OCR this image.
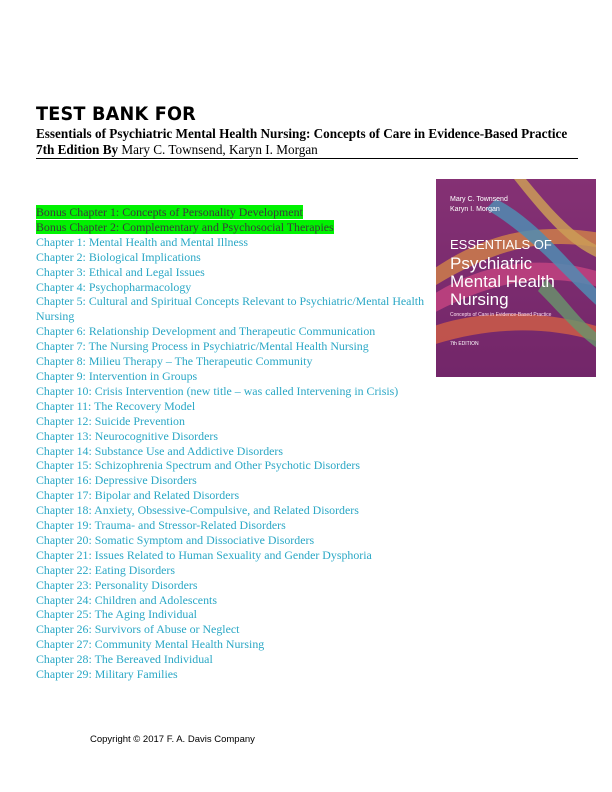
TEST BANK FOR
Essentials of Psychiatric Mental Health Nursing: Concepts of Care in Evidence-Based Practice 7th Edition By Mary C. Townsend, Karyn I. Morgan
Mary C. Townsend
Karyn I. Morgan
ESSENTIALS OF
Psychiatric
Mental Health
Nursing
Concepts of Care in Evidence-Based Practice
7th EDITION
Bonus Chapter 1: Concepts of Personality Development
Bonus Chapter 2: Complementary and Psychosocial Therapies
Chapter 1: Mental Health and Mental Illness
Chapter 2: Biological Implications
Chapter 3: Ethical and Legal Issues
Chapter 4: Psychopharmacology
Chapter 5: Cultural and Spiritual Concepts Relevant to Psychiatric/Mental Health Nursing
Chapter 6: Relationship Development and Therapeutic Communication
Chapter 7: The Nursing Process in Psychiatric/Mental Health Nursing
Chapter 8: Milieu Therapy – The Therapeutic Community
Chapter 9: Intervention in Groups
Chapter 10: Crisis Intervention (new title – was called Intervening in Crisis)
Chapter 11: The Recovery Model
Chapter 12: Suicide Prevention
Chapter 13: Neurocognitive Disorders
Chapter 14: Substance Use and Addictive Disorders
Chapter 15: Schizophrenia Spectrum and Other Psychotic Disorders
Chapter 16: Depressive Disorders
Chapter 17: Bipolar and Related Disorders
Chapter 18: Anxiety, Obsessive-Compulsive, and Related Disorders
Chapter 19: Trauma- and Stressor-Related Disorders
Chapter 20: Somatic Symptom and Dissociative Disorders
Chapter 21: Issues Related to Human Sexuality and Gender Dysphoria
Chapter 22: Eating Disorders
Chapter 23: Personality Disorders
Chapter 24: Children and Adolescents
Chapter 25: The Aging Individual
Chapter 26: Survivors of Abuse or Neglect
Chapter 27: Community Mental Health Nursing
Chapter 28: The Bereaved Individual
Chapter 29: Military Families
Copyright © 2017 F. A. Davis Company
